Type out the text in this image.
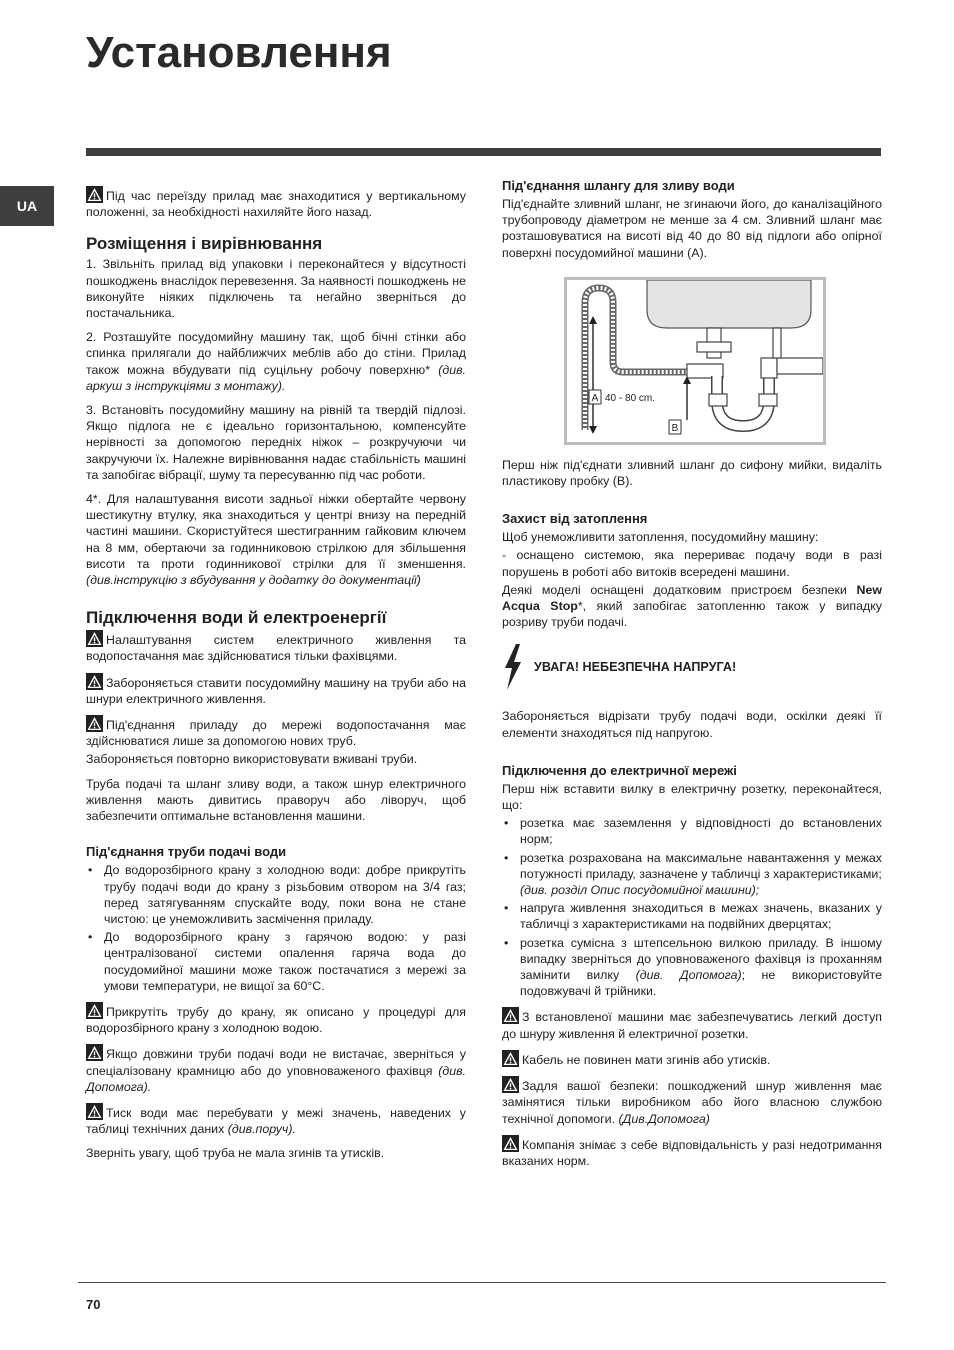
Установлення
UA

Під час переїзду прилад має знаходитися у вертикальному положенні, за необхідності нахиляйте його назад.

Розміщення і вирівнювання

1. Звільніть прилад від упаковки і переконайтеся у відсутності пошкоджень внаслідок перевезення. За наявності пошкоджень не виконуйте ніяких підключень та негайно зверніться до постачальника.

2. Розташуйте посудомийну машину так, щоб бічні стінки або спинка прилягали до найближчих меблів або до стіни. Прилад також можна вбудувати під суцільну робочу поверхню* (див. аркуш з інструкціями з монтажу).

3. Встановіть посудомийну машину на рівній та твердій підлозі. Якщо підлога не є ідеально горизонтальною, компенсуйте нерівності за допомогою передніх ніжок – розкручуючи чи закручуючи їх. Належне вирівнювання надає стабільність машині та запобігає вібрації, шуму та пересуванню під час роботи.

4*. Для налаштування висоти задньої ніжки обертайте червону шестикутну втулку, яка знаходиться у центрі внизу на передній частині машини. Скористуйтеся шестигранним гайковим ключем на 8 мм, обертаючи за годинниковою стрілкою для збільшення висоти та проти годинникової стрілки для її зменшення. (див.інструкцію з вбудування у додатку до документації)

Підключення води й електроенергії

Налаштування систем електричного живлення та водопостачання має здійснюватися тільки фахівцями.

Забороняється ставити посудомийну машину на труби або на шнури електричного живлення.

Під'єднання приладу до мережі водопостачання має здійснюватися лише за допомогою нових труб.

Забороняється повторно використовувати вживані труби.

Труба подачі та шланг зливу води, а також шнур електричного живлення мають дивитись праворуч або ліворуч, щоб забезпечити оптимальне встановлення машини.

Під'єднання труби подачі води
• До водорозбірного крану з холодною води: добре прикрутіть трубу подачі води до крану з різьбовим отвором на 3/4 газ; перед затягуванням спускайте воду, поки вона не стане чистою: це унеможливить засмічення приладу.
• До водорозбірного крану з гарячою водою: у разі централізованої системи опалення гаряча вода до посудомийної машини може також постачатися з мережі за умови температури, не вищої за 60°C.

Прикрутіть трубу до крану, як описано у процедурі для водорозбірного крану з холодною водою.

Якщо довжини труби подачі води не вистачає, зверніться у спеціалізовану крамницю або до уповноваженого фахівця (див. Допомога).

Тиск води має перебувати у межі значень, наведених у таблиці технічних даних (див.поруч).

Зверніть увагу, щоб труба не мала згинів та утисків.

Під'єднання шлангу для зливу води

Під'єднайте зливний шланг, не згинаючи його, до каналізаційного трубопроводу діаметром не менше за 4 см. Зливний шланг має розташовуватися на висоті від 40 до 80 від підлоги або опірної поверхні посудомийної машини (A).

A 40 - 80 cm.
B

Перш ніж під'єднати зливний шланг до сифону мийки, видаліть пластикову пробку (B).

Захист від затоплення

Щоб унеможливити затоплення, посудомийну машину:

- оснащено системою, яка перериває подачу води в разі порушень в роботі або витоків всередені машини.

Деякі моделі оснащені додатковим пристроєм безпеки New Acqua Stop*, який запобігає затопленню також у випадку розриву труби подачі.

УВАГА! НЕБЕЗПЕЧНА НАПРУГА!

Забороняється відрізати трубу подачі води, оскілки деякі її елементи знаходяться під напругою.

Підключення до електричної мережі

Перш ніж вставити вилку в електричну розетку, переконайтеся, що:

• розетка має заземлення у відповідності до встановлених норм;
• розетка розрахована на максимальне навантаження у межах потужності приладу, зазначене у табличці з характеристиками;
(див. розділ Опис посудомийної машини);
• напруга живлення знаходиться в межах значень, вказаних у табличці з характеристиками на подвійних дверцятах;
• розетка сумісна з штепсельною вилкою приладу. В іншому випадку зверніться до уповноваженого фахівця із проханням замінити вилку (див. Допомога); не використовуйте подовжувачі й трійники.

З встановленої машини має забезпечуватись легкий доступ до шнуру живлення й електричної розетки.

Кабель не повинен мати згинів або утисків.

Задля вашої безпеки: пошкоджений шнур живлення має замінятися тільки виробником або його власною службою технічної допомоги. (Див.Допомога)

Компанія знімає з себе відповідальність у разі недотримання вказаних норм.

70
